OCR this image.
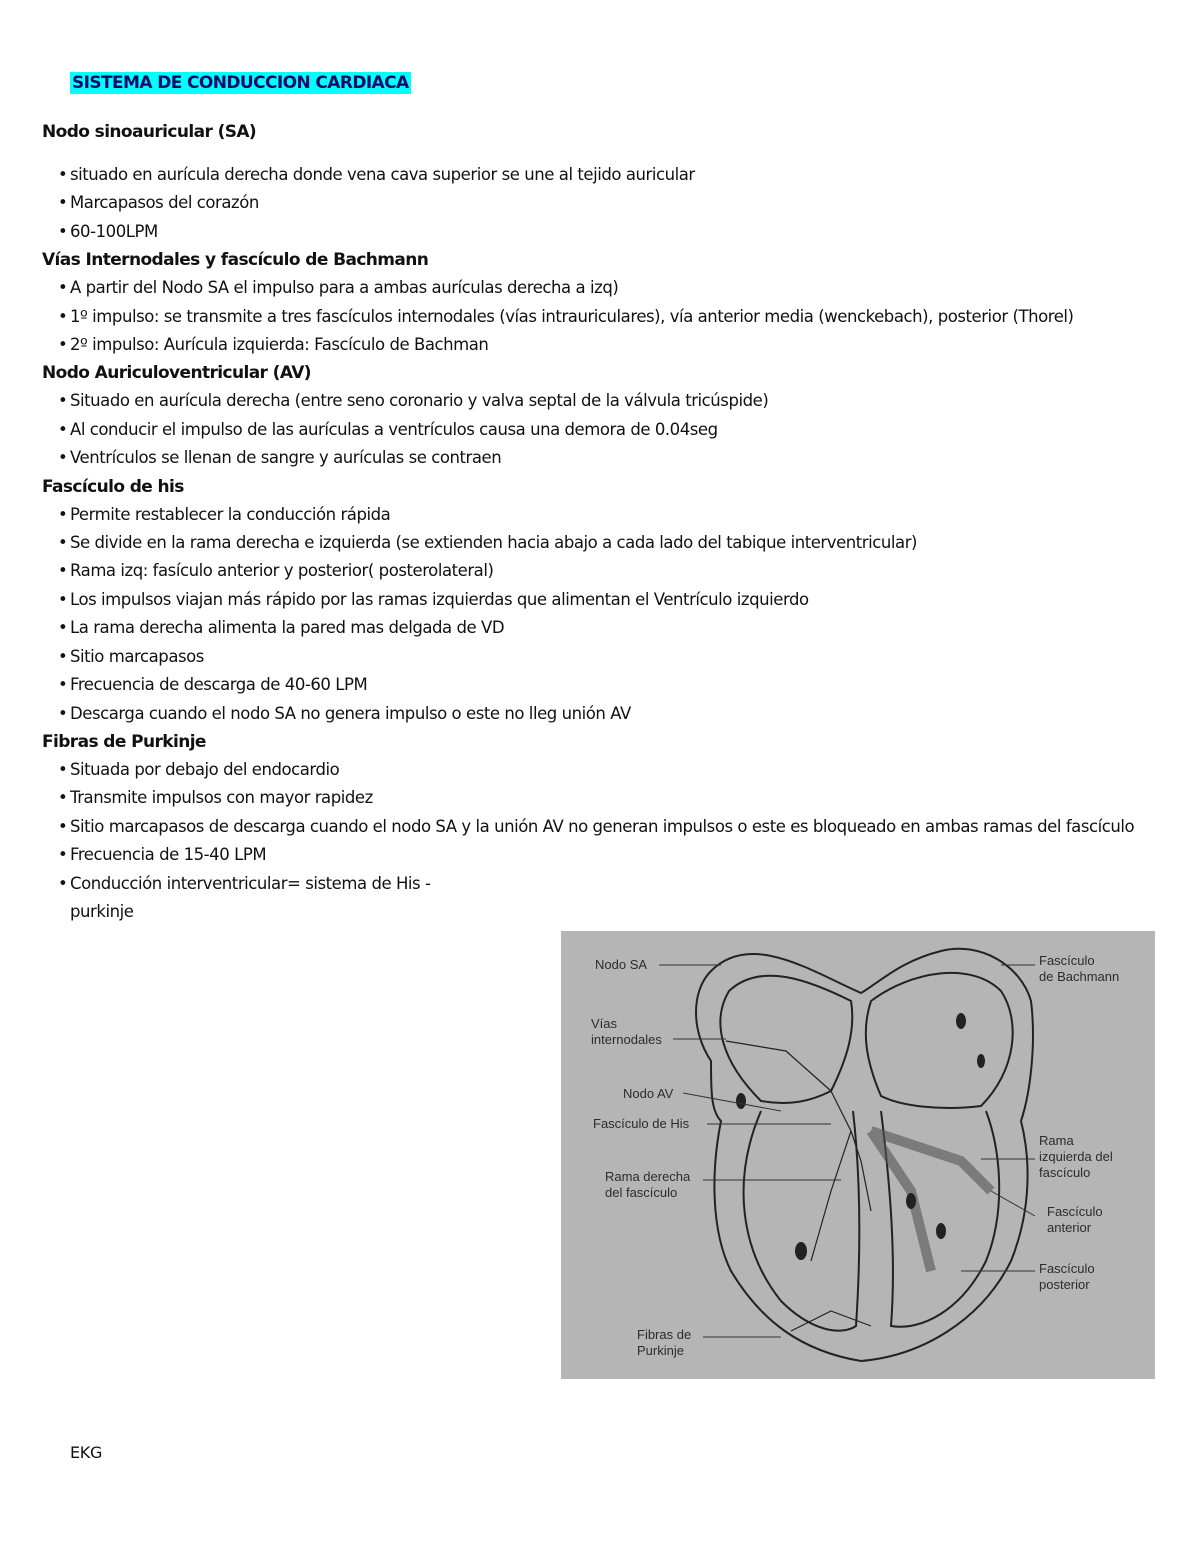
SISTEMA DE CONDUCCION CARDIACA
Nodo sinoauricular (SA)
• situado en aurícula derecha donde vena cava superior se une al tejido auricular
• Marcapasos del corazón
• 60-100LPM
Vías Internodales y fascículo de Bachmann
• A partir del Nodo SA el impulso para a ambas aurículas derecha a izq)
• 1º impulso: se transmite a tres fascículos internodales (vías intrauriculares), vía anterior media (wenckebach), posterior (Thorel)
• 2º impulso: Aurícula izquierda: Fascículo de Bachman
Nodo Auriculoventricular (AV)
• Situado en aurícula derecha (entre seno coronario y valva septal de la válvula tricúspide)
• Al conducir el impulso de las aurículas a ventrículos causa una demora de 0.04seg
• Ventrículos se llenan de sangre y aurículas se contraen
Fascículo de his
• Permite restablecer la conducción rápida
• Se divide en la rama derecha e izquierda (se extienden hacia abajo a cada lado del tabique interventricular)
• Rama izq: fasículo anterior y posterior( posterolateral)
• Los impulsos viajan más rápido por las ramas izquierdas que alimentan el Ventrículo izquierdo
• La rama derecha alimenta la pared mas delgada de VD
• Sitio marcapasos
• Frecuencia de descarga de 40-60 LPM
• Descarga cuando el nodo SA no genera impulso o este no lleg unión AV
Fibras de Purkinje
• Situada por debajo del endocardio
• Transmite impulsos con mayor rapidez
• Sitio marcapasos de descarga cuando el nodo SA y la unión AV no generan impulsos o este es bloqueado en ambas ramas del fascículo
• Frecuencia de 15-40 LPM
• Conducción interventricular= sistema de His - purkinje
Nodo SA
Vías
internodales
Nodo AV
Fascículo de His
Rama derecha
del fascículo
Fibras de
Purkinje
Fascículo
de Bachmann
Rama
izquierda del
fascículo
Fascículo
anterior
Fascículo
posterior
EKG
